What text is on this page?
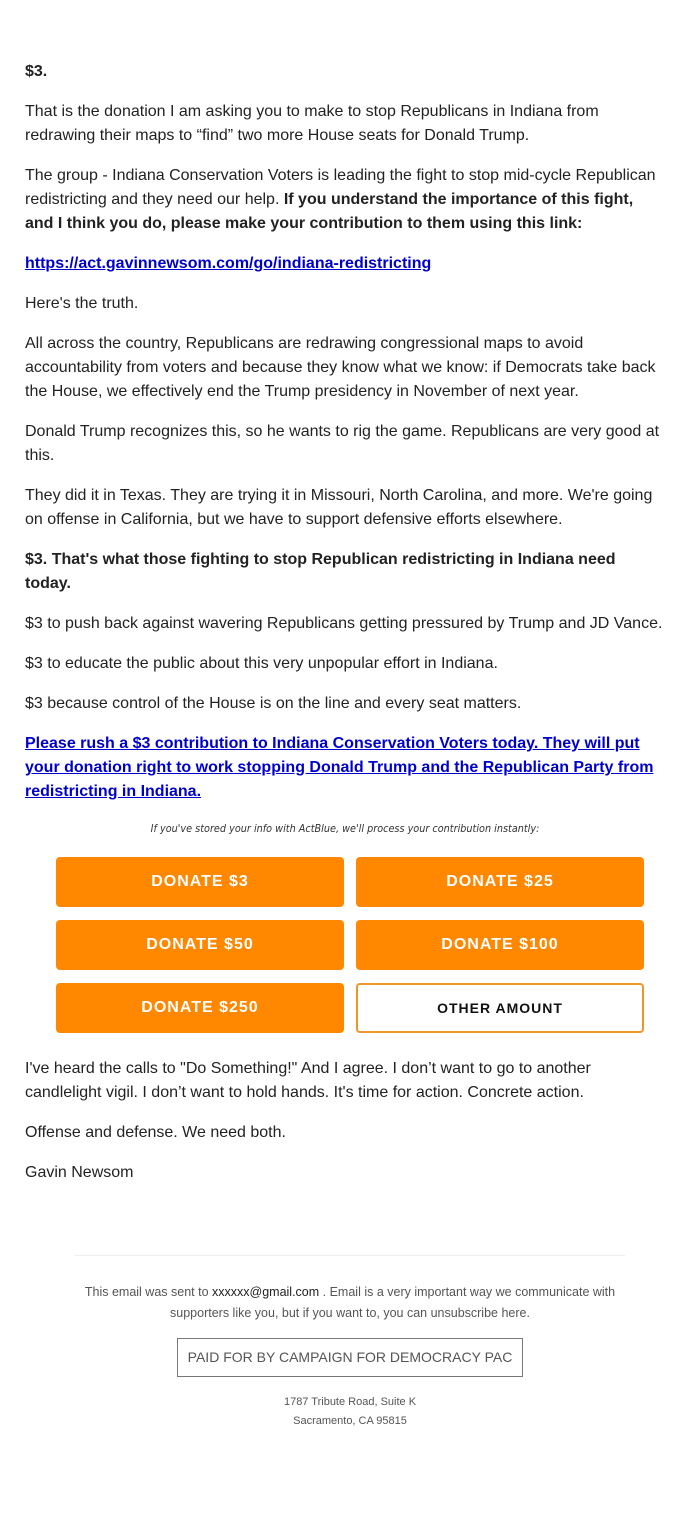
$3.

That is the donation I am asking you to make to stop Republicans in Indiana from redrawing their maps to “find” two more House seats for Donald Trump.

The group - Indiana Conservation Voters is leading the fight to stop mid-cycle Republican redistricting and they need our help. If you understand the importance of this fight, and I think you do, please make your contribution to them using this link:

https://act.gavinnewsom.com/go/indiana-redistricting

Here's the truth.

All across the country, Republicans are redrawing congressional maps to avoid accountability from voters and because they know what we know: if Democrats take back the House, we effectively end the Trump presidency in November of next year.

Donald Trump recognizes this, so he wants to rig the game. Republicans are very good at this.

They did it in Texas. They are trying it in Missouri, North Carolina, and more. We're going on offense in California, but we have to support defensive efforts elsewhere.

$3. That's what those fighting to stop Republican redistricting in Indiana need today.

$3 to push back against wavering Republicans getting pressured by Trump and JD Vance.

$3 to educate the public about this very unpopular effort in Indiana.

$3 because control of the House is on the line and every seat matters.

Please rush a $3 contribution to Indiana Conservation Voters today. They will put your donation right to work stopping Donald Trump and the Republican Party from redistricting in Indiana.

If you've stored your info with ActBlue, we'll process your contribution instantly:
DONATE $3	DONATE $25
DONATE $50	DONATE $100
DONATE $250	OTHER AMOUNT

I've heard the calls to "Do Something!" And I agree. I don’t want to go to another candlelight vigil. I don’t want to hold hands. It's time for action. Concrete action.

Offense and defense. We need both.

Gavin Newsom

This email was sent to xxxxxx@gmail.com . Email is a very important way we communicate with supporters like you, but if you want to, you can unsubscribe here.
PAID FOR BY CAMPAIGN FOR DEMOCRACY PAC
1787 Tribute Road, Suite K
Sacramento, CA 95815
